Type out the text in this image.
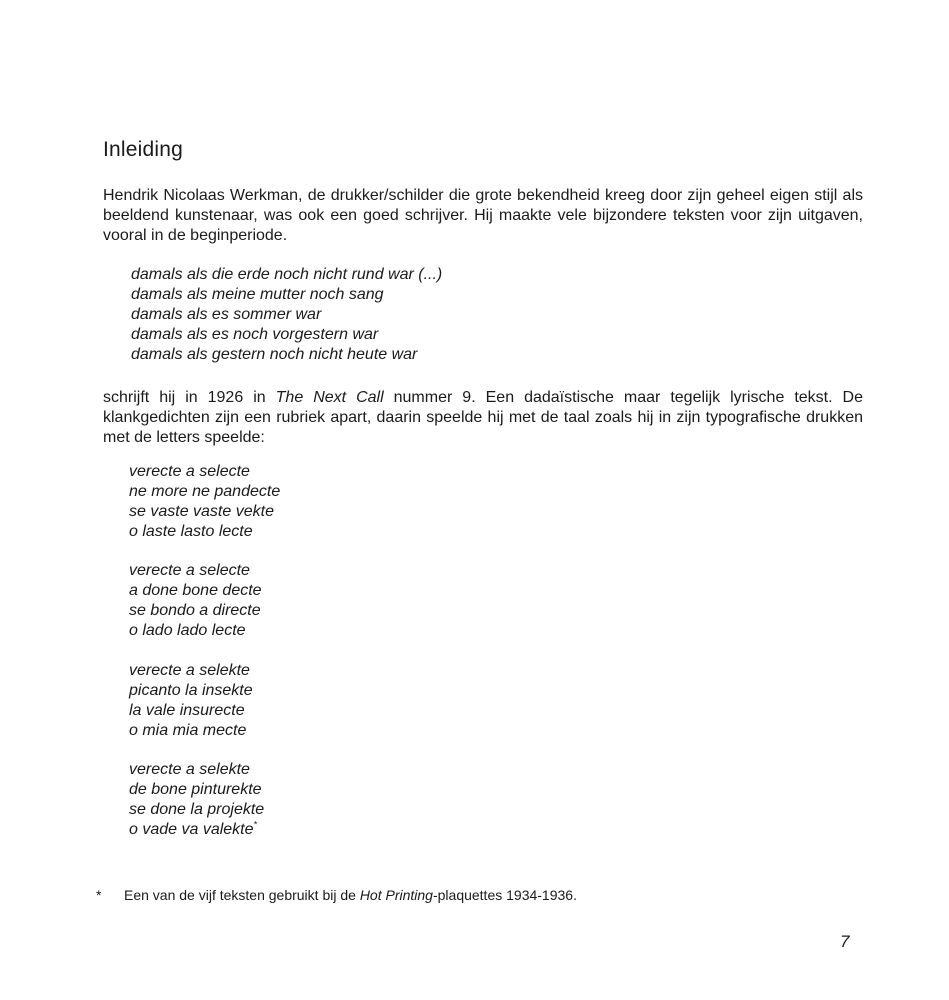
Inleiding

Hendrik Nicolaas Werkman, de drukker/schilder die grote bekendheid kreeg door zijn geheel eigen stijl als beeldend kunstenaar, was ook een goed schrijver. Hij maakte vele bijzondere teksten voor zijn uitgaven, vooral in de beginperiode.

damals als die erde noch nicht rund war (...)
damals als meine mutter noch sang
damals als es sommer war
damals als es noch vorgestern war
damals als gestern noch nicht heute war

schrijft hij in 1926 in The Next Call nummer 9. Een dadaïstische maar tegelijk lyrische tekst. De klankgedichten zijn een rubriek apart, daarin speelde hij met de taal zoals hij in zijn typografische drukken met de letters speelde:

verecte a selecte
ne more ne pandecte
se vaste vaste vekte
o laste lasto lecte
verecte a selecte
a done bone decte
se bondo a directe
o lado lado lecte
verecte a selekte
picanto la insekte
la vale insurecte
o mia mia mecte
verecte a selekte
de bone pinturekte
se done la projekte
o vade va valekte*
* Een van de vijf teksten gebruikt bij de Hot Printing-plaquettes 1934-1936.
7
